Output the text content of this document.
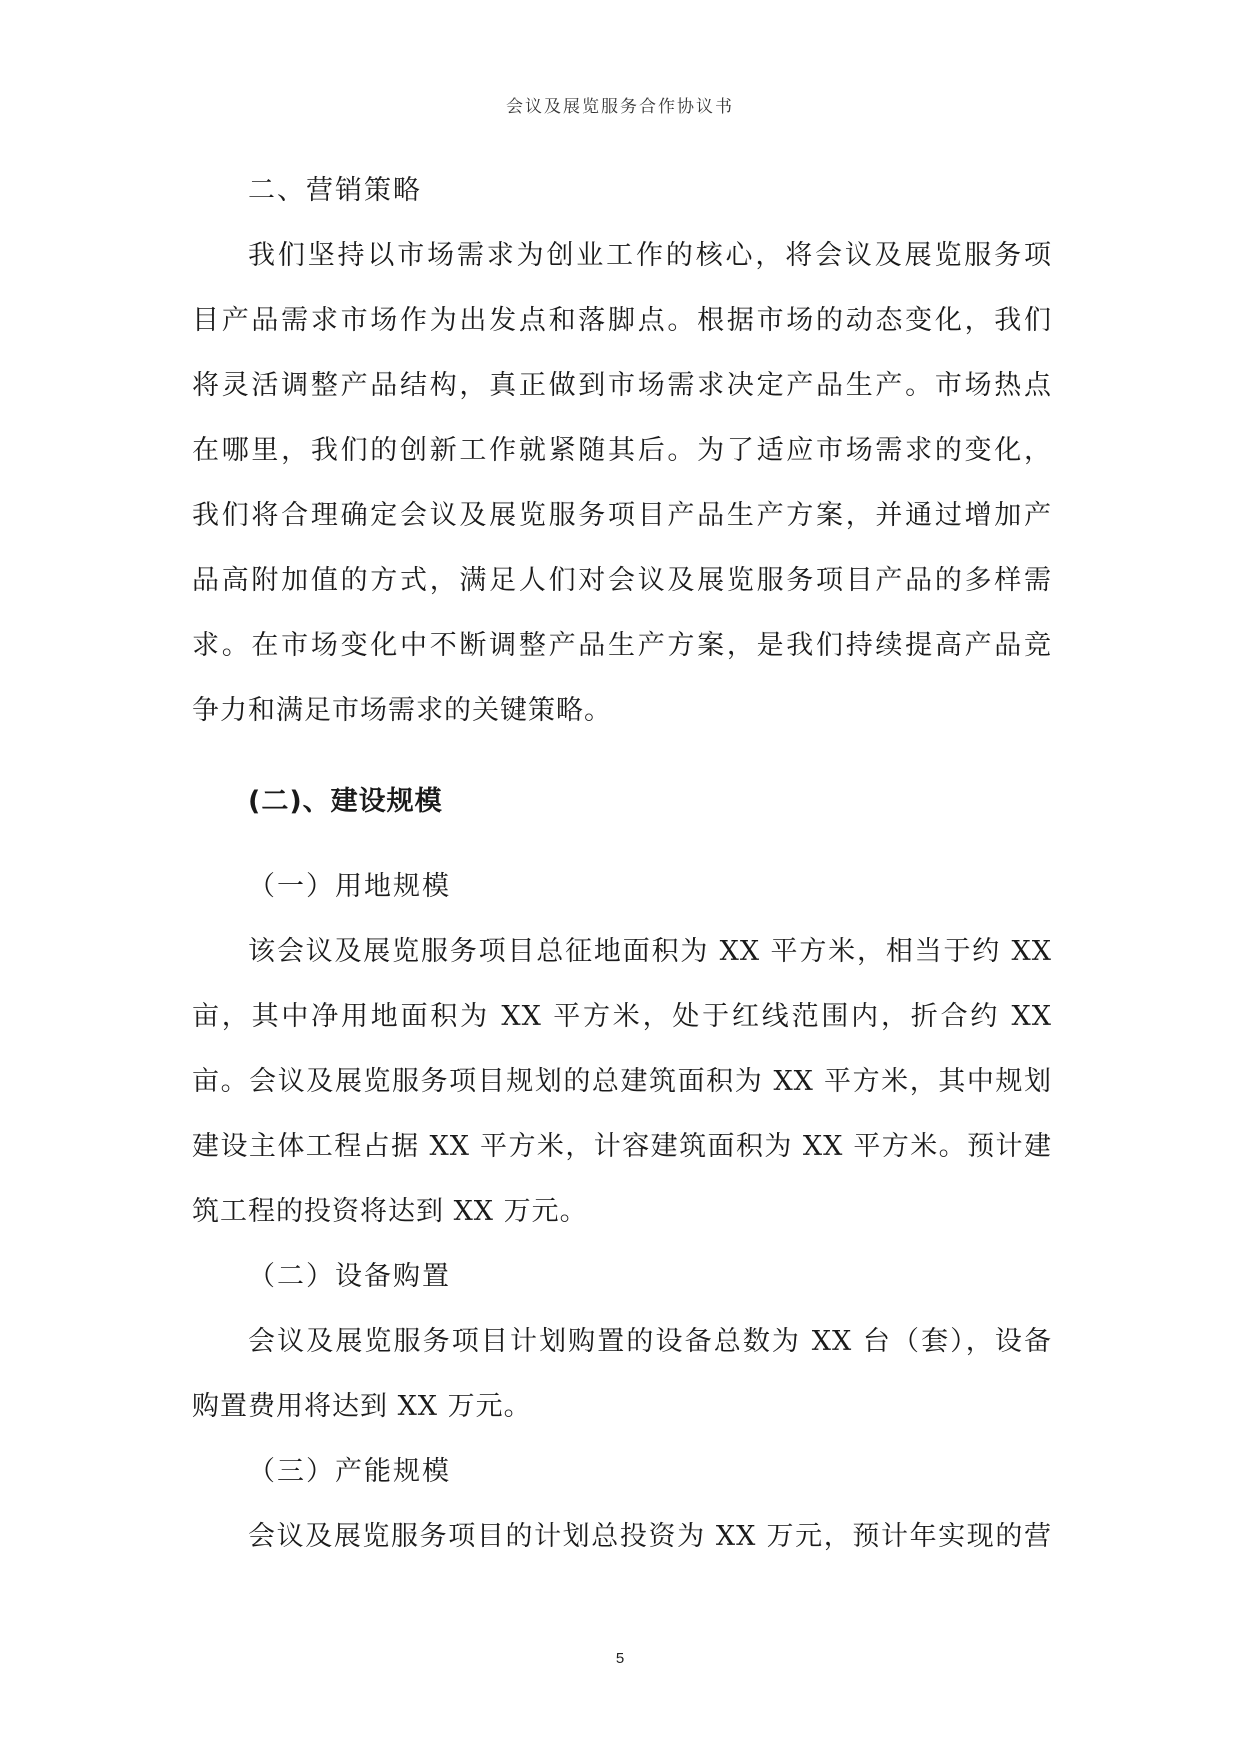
会议及展览服务合作协议书
二、营销策略
我们坚持以市场需求为创业工作的核心，将会议及展览服务项
目产品需求市场作为出发点和落脚点。根据市场的动态变化，我们
将灵活调整产品结构，真正做到市场需求决定产品生产。市场热点
在哪里，我们的创新工作就紧随其后。为了适应市场需求的变化，
我们将合理确定会议及展览服务项目产品生产方案，并通过增加产
品高附加值的方式，满足人们对会议及展览服务项目产品的多样需
求。在市场变化中不断调整产品生产方案，是我们持续提高产品竞
争力和满足市场需求的关键策略。
(二)、建设规模
（一）用地规模
该会议及展览服务项目总征地面积为 XX 平方米，相当于约 XX
亩，其中净用地面积为 XX 平方米，处于红线范围内，折合约 XX
亩。会议及展览服务项目规划的总建筑面积为 XX 平方米，其中规划
建设主体工程占据 XX 平方米，计容建筑面积为 XX 平方米。预计建
筑工程的投资将达到 XX 万元。
（二）设备购置
会议及展览服务项目计划购置的设备总数为 XX 台（套），设备
购置费用将达到 XX 万元。
（三）产能规模
会议及展览服务项目的计划总投资为 XX 万元，预计年实现的营
5
